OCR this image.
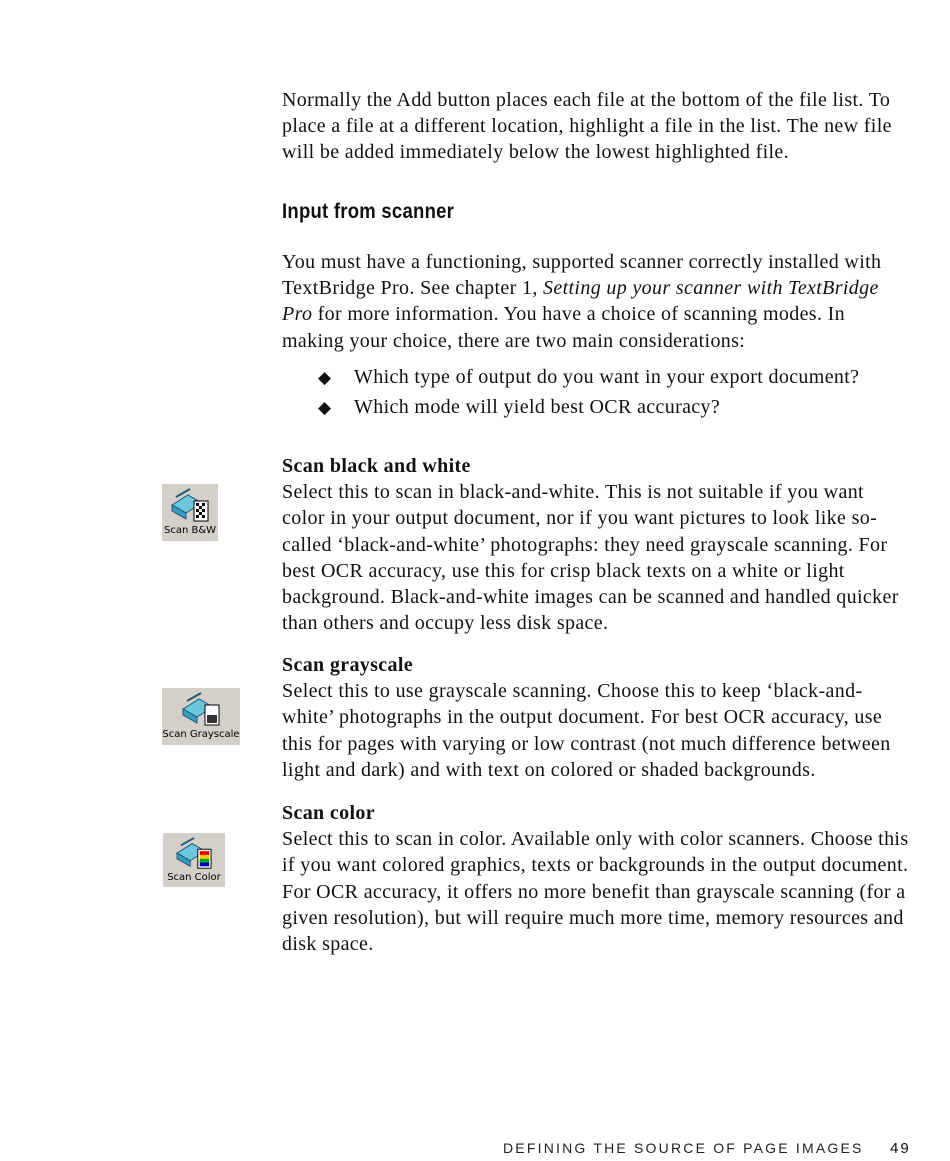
Normally the Add button places each file at the bottom of the file list. To place a file at a different location, highlight a file in the list. The new file will be added immediately below the lowest highlighted file.

Input from scanner

You must have a functioning, supported scanner correctly installed with TextBridge Pro. See chapter 1, Setting up your scanner with TextBridge Pro for more information. You have a choice of scanning modes. In making your choice, there are two main considerations:

◆ Which type of output do you want in your export document?
◆ Which mode will yield best OCR accuracy?
Scan black and white

Select this to scan in black-and-white. This is not suitable if you want color in your output document, nor if you want pictures to look like so-called ‘black-and-white’ photographs: they need grayscale scanning. For best OCR accuracy, use this for crisp black texts on a white or light background. Black-and-white images can be scanned and handled quicker than others and occupy less disk space.

Scan grayscale

Select this to use grayscale scanning. Choose this to keep ‘black-and-white’ photographs in the output document. For best OCR accuracy, use this for pages with varying or low contrast (not much difference between light and dark) and with text on colored or shaded backgrounds.

Scan color

Select this to scan in color. Available only with color scanners. Choose this if you want colored graphics, texts or backgrounds in the output document. For OCR accuracy, it offers no more benefit than grayscale scanning (for a given resolution), but will require much more time, memory resources and disk space.

Scan B&W
Scan Grayscale
Scan Color
DEFINING THE SOURCE OF PAGE IMAGES 49
